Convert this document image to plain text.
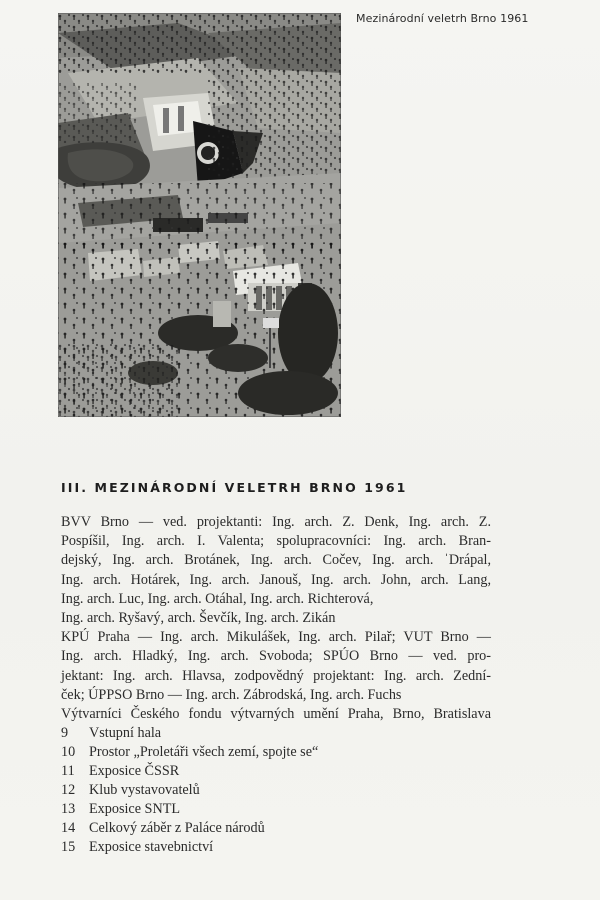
Mezinárodní veletrh Brno 1961
III. MEZINÁRODNÍ VELETRH BRNO 1961
BVV Brno — ved. projektanti: Ing. arch. Z. Denk, Ing. arch. Z.
Pospíšil, Ing. arch. I. Valenta; spolupracovníci: Ing. arch. Bran-
dejský, Ing. arch. Brotánek, Ing. arch. Cočev, Ing. arch. ˈDrápal,
Ing. arch. Hotárek, Ing. arch. Janouš, Ing. arch. John, arch. Lang,
Ing. arch. Luc, Ing. arch. Otáhal, Ing. arch. Richterová,
Ing. arch. Ryšavý, arch. Ševčík, Ing. arch. Zikán
KPÚ Praha — Ing. arch. Mikulášek, Ing. arch. Pilař; VUT Brno —
Ing. arch. Hladký, Ing. arch. Svoboda; SPÚO Brno — ved. pro-
jektant: Ing. arch. Hlavsa, zodpovědný projektant: Ing. arch. Zední-
ček; ÚPPSO Brno — Ing. arch. Zábrodská, Ing. arch. Fuchs
Výtvarníci Českého fondu výtvarných umění Praha, Brno, Bratislava
9	Vstupní hala
10 Prostor „Proletáři všech zemí, spojte se“
11	Exposice ČSSR
12 Klub vystavovatelů
13 Exposice SNTL
14 Celkový záběr z Paláce národů
15 Exposice stavebnictví
